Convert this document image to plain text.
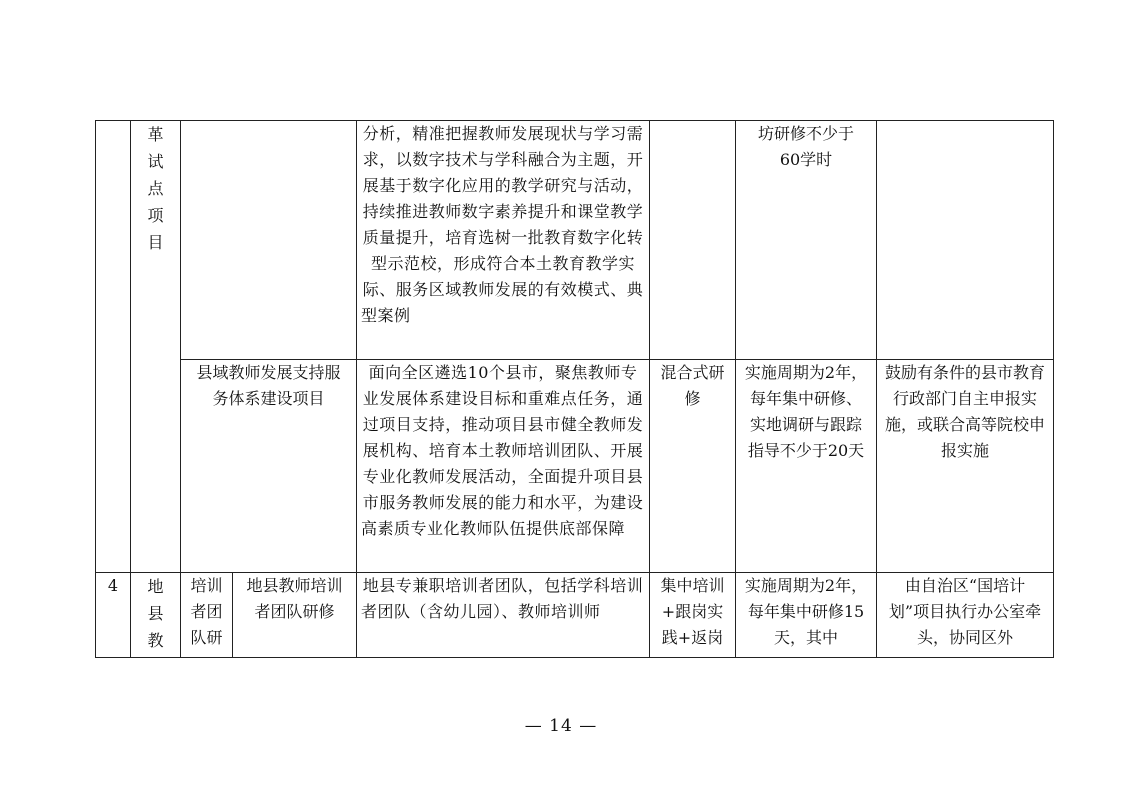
	革试点项目			分析，精准把握教师发展现状与学习需求，以数字技术与学科融合为主题，开展基于数字化应用的教学研究与活动，持续推进教师数字素养提升和课堂教学质量提升，培育选树一批教育数字化转型示范校，形成符合本土教育教学实际、服务区域教师发展的有效模式、典型案例		坊研修不少于60学时	

		县域教师发展支持服务体系建设项目		面向全区遴选10个县市，聚焦教师专业发展体系建设目标和重难点任务，通过项目支持，推动项目县市健全教师发展机构、培育本土教师培训团队、开展专业化教师发展活动，全面提升项目县市服务教师发展的能力和水平，为建设高素质专业化教师队伍提供底部保障	混合式研修	实施周期为2年，每年集中研修、实地调研与跟踪指导不少于20天	鼓励有条件的县市教育行政部门自主申报实施，或联合高等院校申报实施

4	地县教	培训者团队研	地县教师培训者团队研修	地县专兼职培训者团队，包括学科培训者团队（含幼儿园）、教师培训师	集中培训+跟岗实践+返岗	实施周期为2年，每年集中研修15天，其中	由自治区“国培计划”项目执行办公室牵头，协同区外
— 14 —
